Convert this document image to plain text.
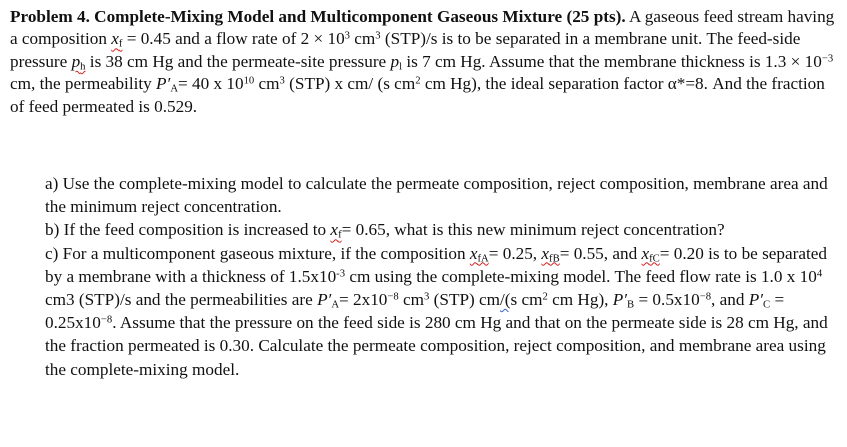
Problem 4. Complete-Mixing Model and Multicomponent Gaseous Mixture (25 pts). A gaseous feed stream having a composition $x_f = 0.45$ and a flow rate of $2 \times 10^3$ $cm^3$ (STP)/s is to be separated in a membrane unit. The feed-side pressure $p_h$ is 38 cm Hg and the permeate-site pressure $p_l$ is 7 cm Hg. Assume that the membrane thickness is $1.3 \times 10^{-3}$ cm, the permeability $P'_A= 40$ x $10^{10}$ $cm^3$ (STP) x cm/ (s $cm^2$ cm Hg), the ideal separation factor α*=8. And the fraction of feed permeated is 0.529.

a) Use the complete-mixing model to calculate the permeate composition, reject composition, membrane area and the minimum reject concentration.

b) If the feed composition is increased to $x_f= 0.65$, what is this new minimum reject concentration?

c) For a multicomponent gaseous mixture, if the composition $x_{fA}= 0.25$, $x_{fB}= 0.55$, and $x_{fC}= 0.20$ is to be separated by a membrane with a thickness of $1.5x10^{-3}$ cm using the complete-mixing model. The feed flow rate is 1.0 x $10^4$ cm3 (STP)/s and the permeabilities are $P'_A= 2x10^{-8}$ $cm^3$ (STP) cm/(s $cm^2$ cm Hg), $P'_B = 0.5x10^{-8}$, and $P'_C = 0.25x10^{-8}$. Assume that the pressure on the feed side is 280 cm Hg and that on the permeate side is 28 cm Hg, and the fraction permeated is 0.30. Calculate the permeate composition, reject composition, and membrane area using the complete-mixing model.
